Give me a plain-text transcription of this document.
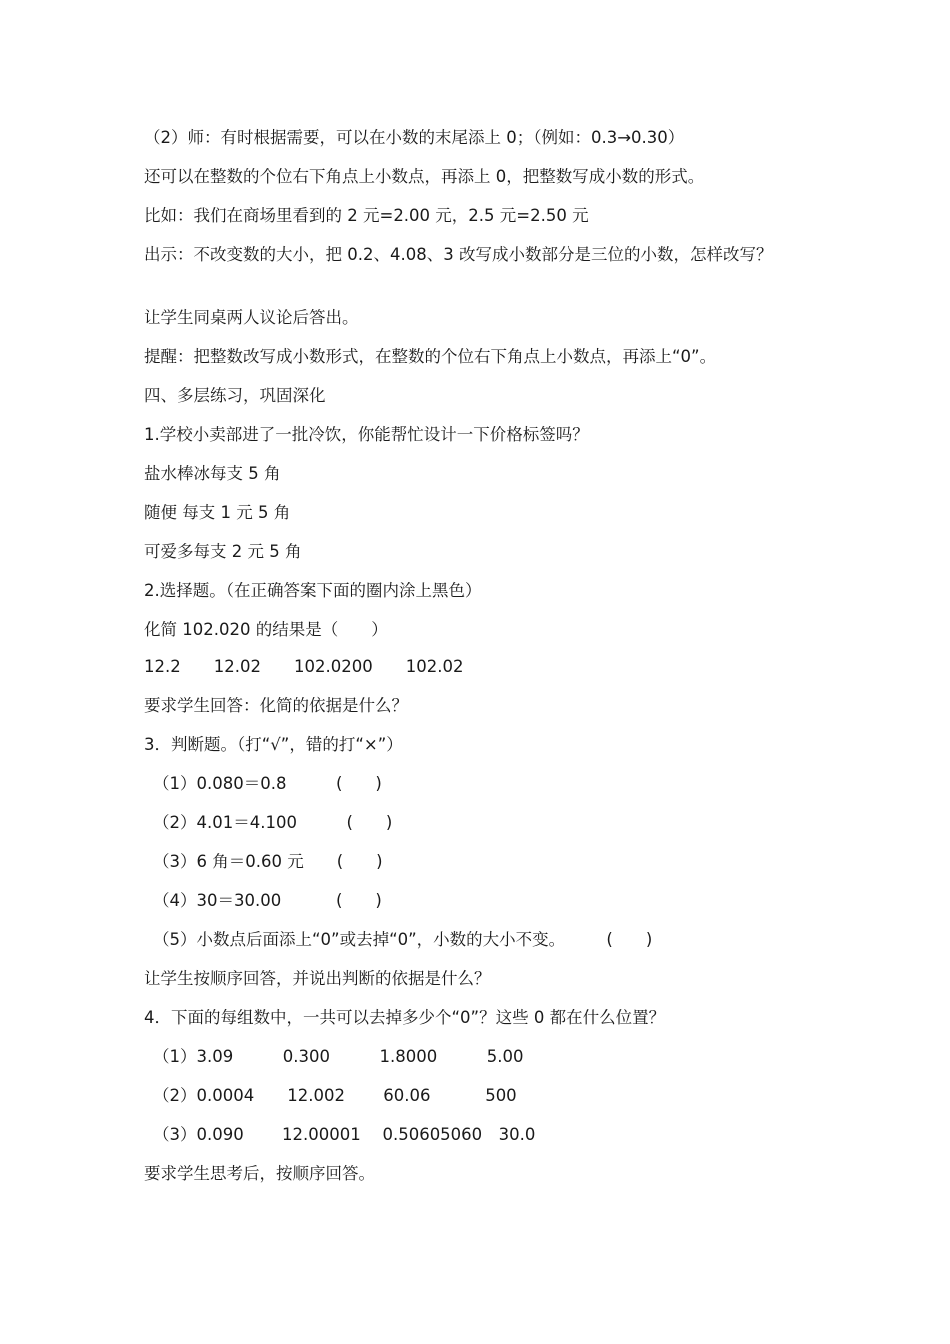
（2）师：有时根据需要，可以在小数的末尾添上 0；（例如：0.3→0.30）
还可以在整数的个位右下角点上小数点，再添上 0，把整数写成小数的形式。
比如：我们在商场里看到的 2 元=2.00 元，2.5 元=2.50 元
出示：不改变数的大小，把 0.2、4.08、3 改写成小数部分是三位的小数，怎样改写？
让学生同桌两人议论后答出。
提醒：把整数改写成小数形式，在整数的个位右下角点上小数点，再添上“0”。
四、多层练习，巩固深化
1.学校小卖部进了一批冷饮，你能帮忙设计一下价格标签吗？
盐水棒冰每支 5 角
随便 每支 1 元 5 角
可爱多每支 2 元 5 角
2.选择题。（在正确答案下面的圈内涂上黑色）
化简 102.020 的结果是（　　）
12.2　　12.02　　102.0200　　102.02
要求学生回答：化简的依据是什么？
3．判断题。（打“√”，错的打“×”）
（1）0.080＝0.8　　　(　　)
（2）4.01＝4.100　　　(　　)
（3）6 角＝0.60 元　　(　　)
（4）30＝30.00　　　 (　　)
（5）小数点后面添上“0”或去掉“0”，小数的大小不变。　　　(　　)
让学生按顺序回答，并说出判断的依据是什么？
4．下面的每组数中，一共可以去掉多少个“0”？这些 0 都在什么位置？
（1）3.09　　　0.300　　　1.8000　　　5.00
（2）0.0004　　12.002　　 60.06　　　 500
（3）0.090　　 12.00001　 0.50605060　30.0
要求学生思考后，按顺序回答。
